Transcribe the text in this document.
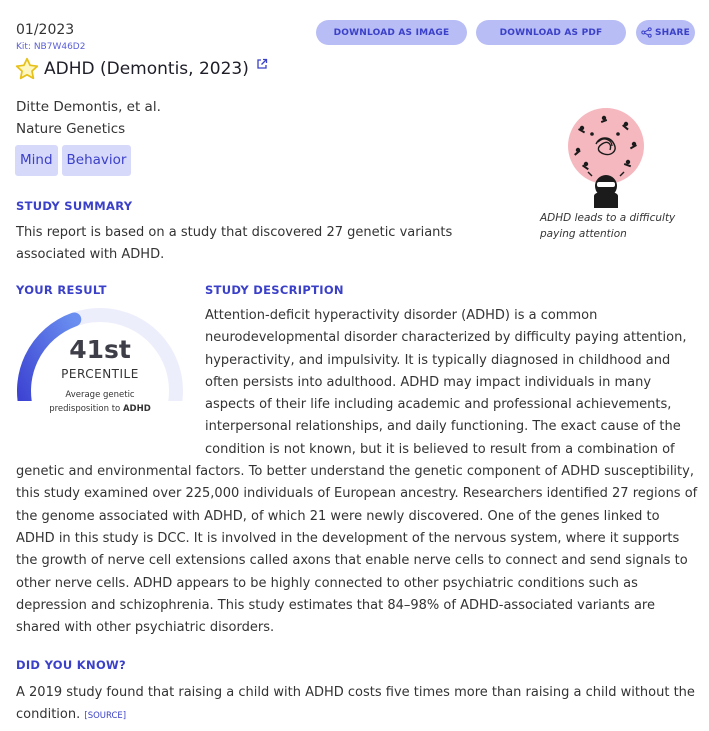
01/2023
Kit: NB7W46D2
DOWNLOAD AS IMAGE	DOWNLOAD AS PDF	SHARE
ADHD (Demontis, 2023)
Ditte Demontis, et al.
Nature Genetics
Mind	Behavior
ADHD leads to a difficulty
paying attention
STUDY SUMMARY
This report is based on a study that discovered 27 genetic variants associated with ADHD.
YOUR RESULT	STUDY DESCRIPTION
41st
PERCENTILE
Average genetic
predisposition to ADHD
Attention-deficit hyperactivity disorder (ADHD) is a common neurodevelopmental disorder characterized by difficulty paying attention, hyperactivity, and impulsivity. It is typically diagnosed in childhood and often persists into adulthood. ADHD may impact individuals in many aspects of their life including academic and professional achievements, interpersonal relationships, and daily functioning. The exact cause of the condition is not known, but it is believed to result from a combination of genetic and environmental factors. To better understand the genetic component of ADHD susceptibility, this study examined over 225,000 individuals of European ancestry. Researchers identified 27 regions of the genome associated with ADHD, of which 21 were newly discovered. One of the genes linked to ADHD in this study is DCC. It is involved in the development of the nervous system, where it supports the growth of nerve cell extensions called axons that enable nerve cells to connect and send signals to other nerve cells. ADHD appears to be highly connected to other psychiatric conditions such as depression and schizophrenia. This study estimates that 84–98% of ADHD-associated variants are shared with other psychiatric disorders.
DID YOU KNOW?
A 2019 study found that raising a child with ADHD costs five times more than raising a child without the condition. [SOURCE]
